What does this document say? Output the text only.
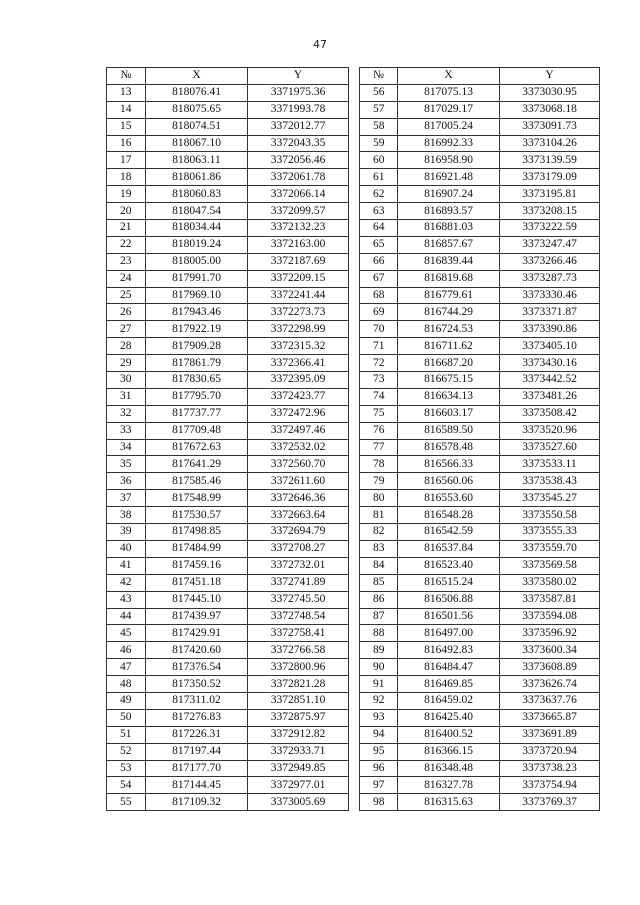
47
№	X	Y		№	X	Y
13	818076.41	3371975.36		56	817075.13	3373030.95
14	818075.65	3371993.78		57	817029.17	3373068.18
15	818074.51	3372012.77		58	817005.24	3373091.73
16	818067.10	3372043.35		59	816992.33	3373104.26
17	818063.11	3372056.46		60	816958.90	3373139.59
18	818061.86	3372061.78		61	816921.48	3373179.09
19	818060.83	3372066.14		62	816907.24	3373195.81
20	818047.54	3372099.57		63	816893.57	3373208.15
21	818034.44	3372132.23		64	816881.03	3373222.59
22	818019.24	3372163.00		65	816857.67	3373247.47
23	818005.00	3372187.69		66	816839.44	3373266.46
24	817991.70	3372209.15		67	816819.68	3373287.73
25	817969.10	3372241.44		68	816779.61	3373330.46
26	817943.46	3372273.73		69	816744.29	3373371.87
27	817922.19	3372298.99		70	816724.53	3373390.86
28	817909.28	3372315.32		71	816711.62	3373405.10
29	817861.79	3372366.41		72	816687.20	3373430.16
30	817830.65	3372395.09		73	816675.15	3373442.52
31	817795.70	3372423.77		74	816634.13	3373481.26
32	817737.77	3372472.96		75	816603.17	3373508.42
33	817709.48	3372497.46		76	816589.50	3373520.96
34	817672.63	3372532.02		77	816578.48	3373527.60
35	817641.29	3372560.70		78	816566.33	3373533.11
36	817585.46	3372611.60		79	816560.06	3373538.43
37	817548.99	3372646.36		80	816553.60	3373545.27
38	817530.57	3372663.64		81	816548.28	3373550.58
39	817498.85	3372694.79		82	816542.59	3373555.33
40	817484.99	3372708.27		83	816537.84	3373559.70
41	817459.16	3372732.01		84	816523.40	3373569.58
42	817451.18	3372741.89		85	816515.24	3373580.02
43	817445.10	3372745.50		86	816506.88	3373587.81
44	817439.97	3372748.54		87	816501.56	3373594.08
45	817429.91	3372758.41		88	816497.00	3373596.92
46	817420.60	3372766.58		89	816492.83	3373600.34
47	817376.54	3372800.96		90	816484.47	3373608.89
48	817350.52	3372821.28		91	816469.85	3373626.74
49	817311.02	3372851.10		92	816459.02	3373637.76
50	817276.83	3372875.97		93	816425.40	3373665.87
51	817226.31	3372912.82		94	816400.52	3373691.89
52	817197.44	3372933.71		95	816366.15	3373720.94
53	817177.70	3372949.85		96	816348.48	3373738.23
54	817144.45	3372977.01		97	816327.78	3373754.94
55	817109.32	3373005.69		98	816315.63	3373769.37
